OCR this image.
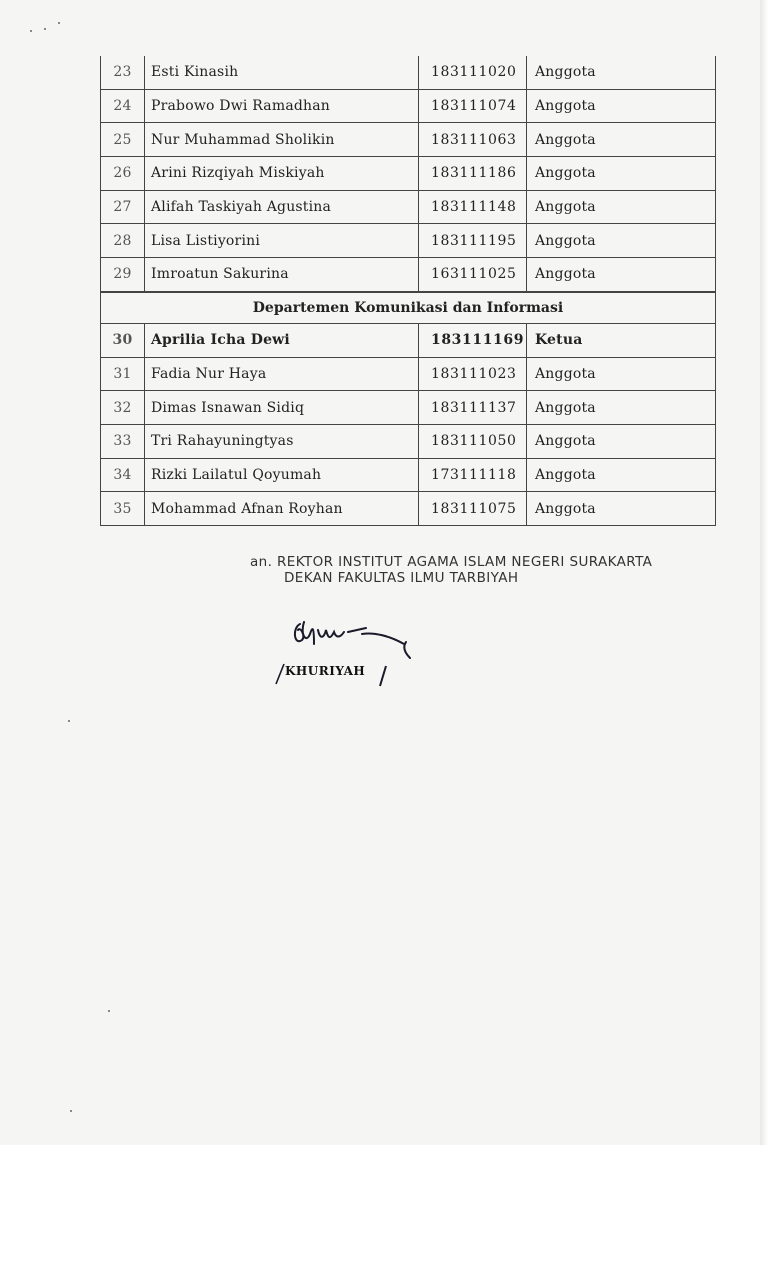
23	Esti Kinasih	183111020	Anggota
24	Prabowo Dwi Ramadhan	183111074	Anggota
25	Nur Muhammad Sholikin	183111063	Anggota
26	Arini Rizqiyah Miskiyah	183111186	Anggota
27	Alifah Taskiyah Agustina	183111148	Anggota
28	Lisa Listiyorini	183111195	Anggota
29	Imroatun Sakurina	163111025	Anggota
Departemen Komunikasi dan Informasi
30	Aprilia Icha Dewi	183111169 Ketua
31	Fadia Nur Haya	183111023	Anggota
32	Dimas Isnawan Sidiq	183111137	Anggota
33	Tri Rahayuningtyas	183111050	Anggota
34	Rizki Lailatul Qoyumah	173111118	Anggota
35	Mohammad Afnan Royhan	183111075	Anggota
an. REKTOR INSTITUT AGAMA ISLAM NEGERI SURAKARTA
DEKAN FAKULTAS ILMU TARBIYAH
KHURIYAH
